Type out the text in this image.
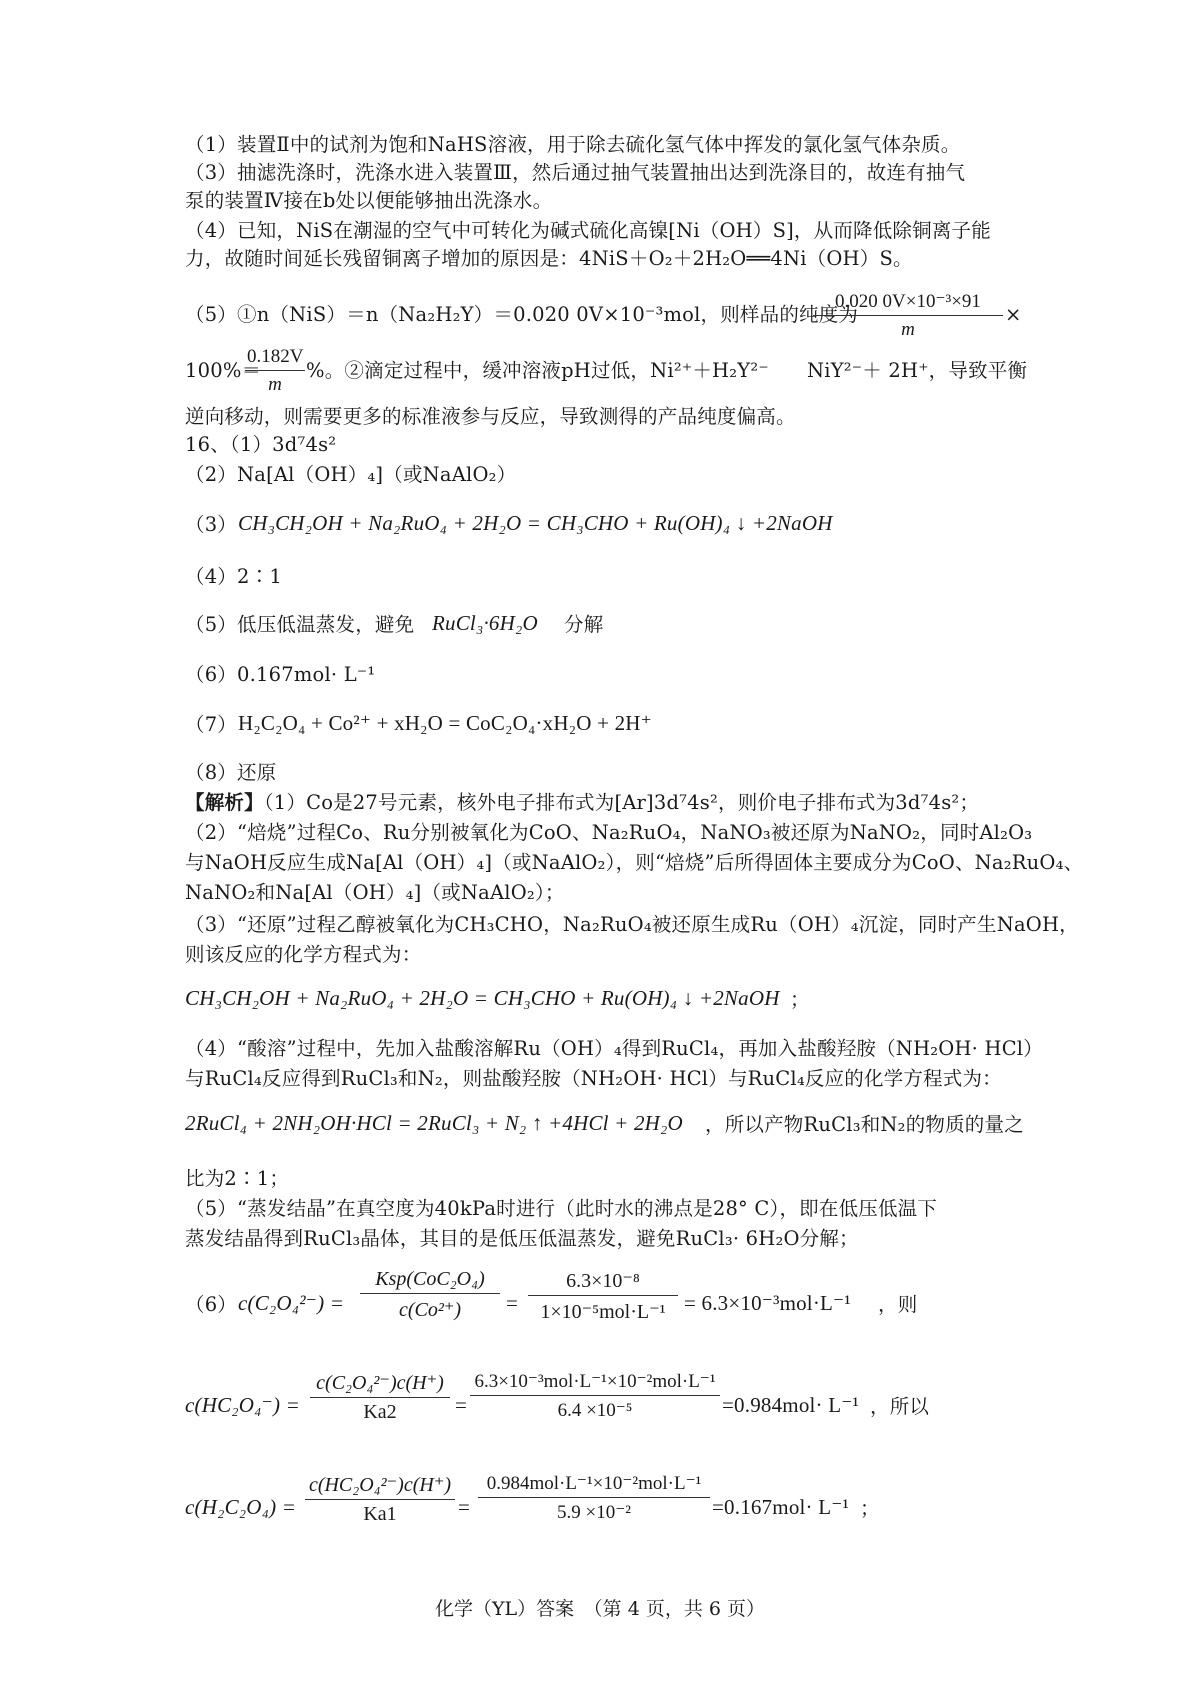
（1）装置Ⅱ中的试剂为饱和NaHS溶液，用于除去硫化氢气体中挥发的氯化氢气体杂质。
（3）抽滤洗涤时，洗涤水进入装置Ⅲ，然后通过抽气装置抽出达到洗涤目的，故连有抽气
泵的装置Ⅳ接在b处以便能够抽出洗涤水。
（4）已知，NiS在潮湿的空气中可转化为碱式硫化高镍[Ni（OH）S]，从而降低除铜离子能
力，故随时间延长残留铜离子增加的原因是：4NiS＋O₂＋2H₂O══4Ni（OH）S。
（5）①n（NiS）＝n（Na₂H₂Y）＝0.020 0V×10⁻³mol，则样品的纯度为
$\frac{\text{0.020 0V×10⁻³×91}}{m}$ ×
100%＝
$\frac{0.182V}{m}$ %。②滴定过程中，缓冲溶液pH过低，Ni²⁺＋H₂Y²⁻	NiY²⁻＋ 2H⁺，导致平衡
逆向移动，则需要更多的标准液参与反应，导致测得的产品纯度偏高。
16、（1）3d⁷4s²
（2）Na[Al（OH）₄]（或NaAlO₂）
（3） CH₃CH₂OH + Na₂RuO₄ + 2H₂O = CH₃CHO + Ru(OH)₄ ↓ +2NaOH
（4）2∶1
（5）低压低温蒸发，避免 RuCl₃·6H₂O	分解
（6）0.167mol· L⁻¹
（7） H₂C₂O₄ + Co²⁺ + xH₂O = CoC₂O₄·xH₂O + 2H⁺
（8）还原
【解析】（1）Co是27号元素，核外电子排布式为[Ar]3d⁷4s²，则价电子排布式为3d⁷4s²；
（2）“焙烧”过程Co、Ru分别被氧化为CoO、Na₂RuO₄，NaNO₃被还原为NaNO₂，同时Al₂O₃
与NaOH反应生成Na[Al（OH）₄]（或NaAlO₂），则“焙烧”后所得固体主要成分为CoO、Na₂RuO₄、
NaNO₂和Na[Al（OH）₄]（或NaAlO₂）；
（3）“还原”过程乙醇被氧化为CH₃CHO，Na₂RuO₄被还原生成Ru（OH）₄沉淀，同时产生NaOH，
则该反应的化学方程式为：
CH₃CH₂OH + Na₂RuO₄ + 2H₂O = CH₃CHO + Ru(OH)₄ ↓ +2NaOH ；
（4）“酸溶”过程中，先加入盐酸溶解Ru（OH）₄得到RuCl₄，再加入盐酸羟胺（NH₂OH· HCl）
与RuCl₄反应得到RuCl₃和N₂，则盐酸羟胺（NH₂OH· HCl）与RuCl₄反应的化学方程式为：
2RuCl₄ + 2NH₂OH·HCl = 2RuCl₃ + N₂ ↑ +4HCl + 2H₂O	，所以产物RuCl₃和N₂的物质的量之
比为2∶1；
（5）“蒸发结晶”在真空度为40kPa时进行（此时水的沸点是28° C），即在低压低温下
蒸发结晶得到RuCl₃晶体，其目的是低压低温蒸发，避免RuCl₃· 6H₂O分解；
（6） c(C₂O₄²⁻) =
Ksp(CoC₂O₄)
c(Co²⁺)	=
6.3×10⁻⁸
1×10⁻⁵mol·L⁻¹ = 6.3×10⁻³mol·L⁻¹	，则
$c(HC_2O_4^-) = \frac{\text{c(C₂O₄²⁻)c(H⁺)}}{Ka2}$ =
6.3×10⁻³mol·L⁻¹×10⁻²mol·L⁻¹
6.4 ×10⁻⁵	=0.984mol· L⁻¹ ，所以
$c(H_2C_2O_4) = \frac{\text{c(HC₂O₄²⁻)c(H⁺)}}{Ka1}$ =
0.984mol·L⁻¹×10⁻²mol·L⁻¹
5.9 ×10⁻²	=0.167mol· L⁻¹ ；
化学（YL）答案　（第 4 页，共 6 页）
